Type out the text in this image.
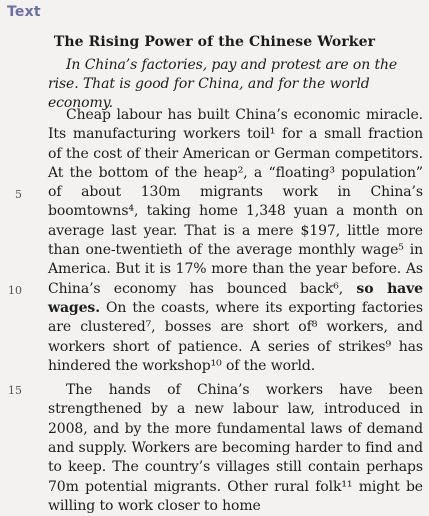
Text
The Rising Power of the Chinese Worker
In China’s factories, pay and protest are on the rise. That is good for China, and for the world economy.

Cheap labour has built China’s economic miracle. Its manufacturing workers toil¹ for a small fraction of the cost of their American or German competitors. At the bottom of the heap², a “floating³ population” of about 130m migrants work in China’s boomtowns⁴, taking home 1,348 yuan a month on average last year. That is a mere $197, little more than one-twentieth of the average monthly wage⁵ in America. But it is 17% more than the year before. As China’s economy has bounced back⁶, so have wages. On the coasts, where its exporting factories are clustered⁷, bosses are short of⁸ workers, and workers short of patience. A series of strikes⁹ has hindered the workshop¹⁰ of the world.

The hands of China’s workers have been strengthened by a new labour law, introduced in 2008, and by the more fundamental laws of demand and supply. Workers are becoming harder to find and to keep. The country’s villages still contain perhaps 70m potential migrants. Other rural folk¹¹ might be willing to work closer to home

5
10
15
